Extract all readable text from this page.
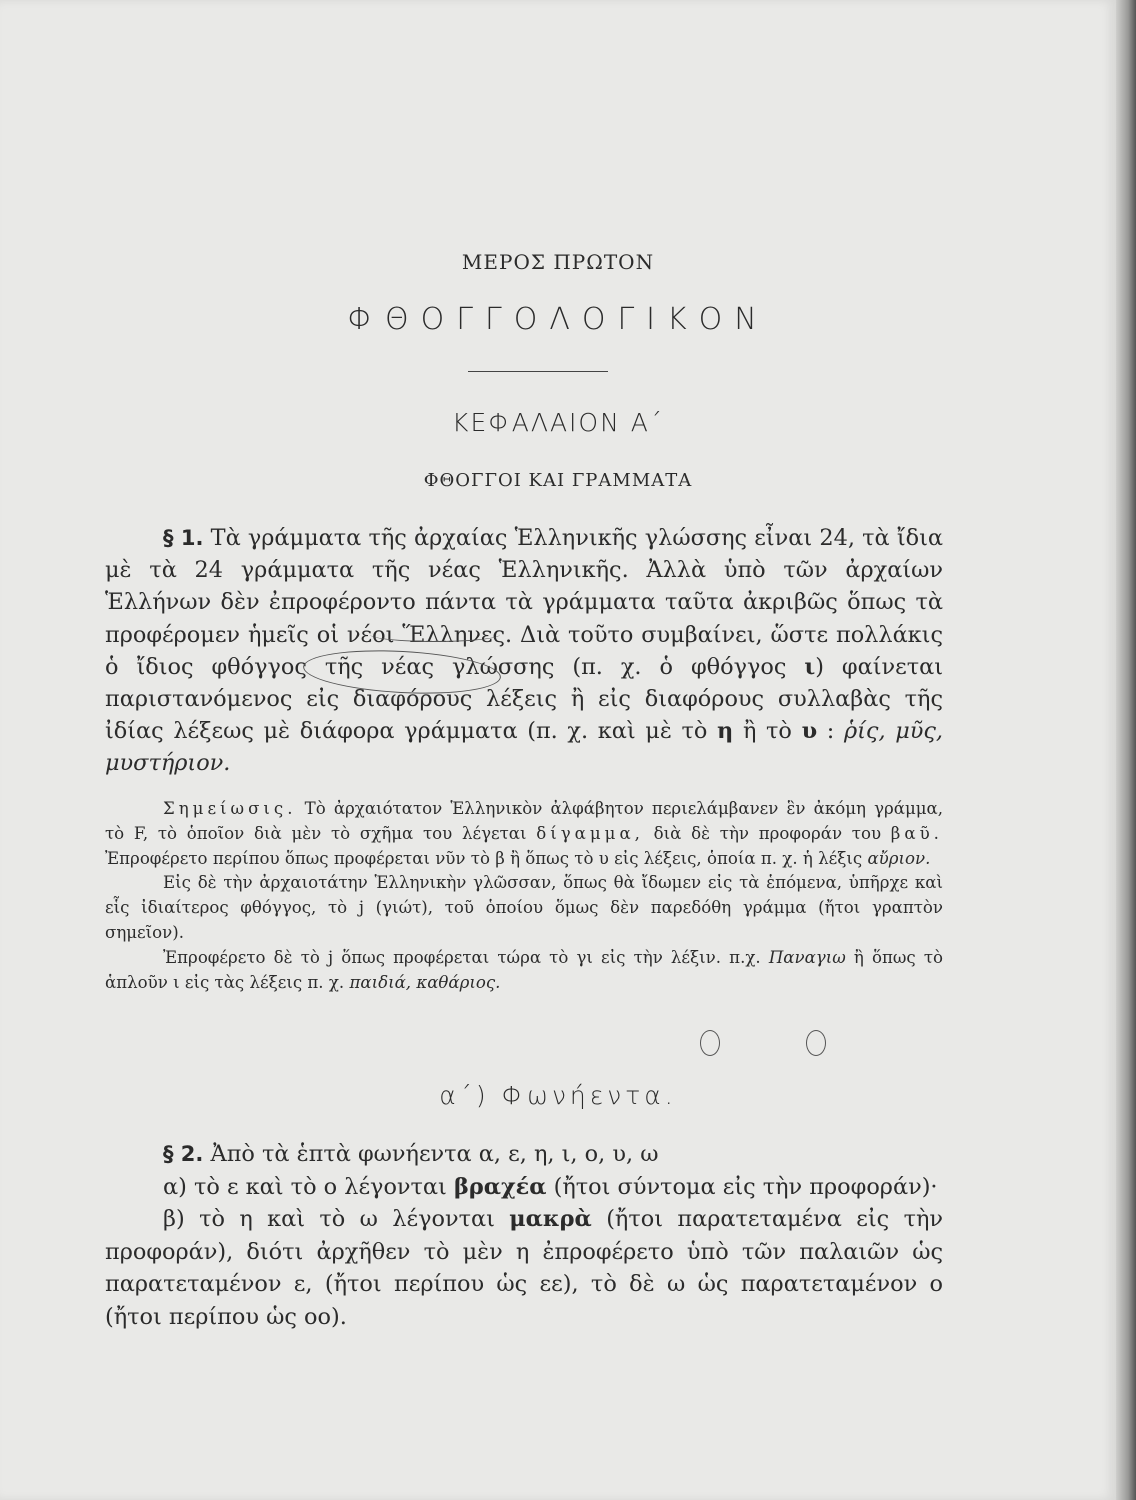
ΜΕΡΟΣ ΠΡΩΤΟΝ
ΦΘΟΓΓΟΛΟΓΙΚΟΝ
ΚΕΦΑΛΑΙΟΝ Α΄
ΦΘΟΓΓΟΙ ΚΑΙ ΓΡΑΜΜΑΤΑ
§ 1. Τὰ γράμματα τῆς ἀρχαίας Ἑλληνικῆς γλώσσης εἶναι 24, τὰ ἴδια μὲ τὰ 24 γράμματα τῆς νέας Ἑλληνικῆς. Ἀλλὰ ὑπὸ τῶν ἀρχαίων Ἑλλήνων δὲν ἐπροφέροντο πάντα τὰ γράμματα ταῦτα ἀκριβῶς ὅπως τὰ προφέρομεν ἡμεῖς οἱ νέοι Ἕλληνες. Διὰ τοῦτο συμβαίνει, ὥστε πολλάκις ὁ ἴδιος φθόγγος τῆς νέας γλώσσης (π. χ. ὁ φθόγγος ι) φαίνεται παριστανόμενος εἰς διαφόρους λέξεις ἢ εἰς διαφόρους συλλαβὰς τῆς ἰδίας λέξεως μὲ διάφορα γράμματα (π. χ. καὶ μὲ τὸ η ἢ τὸ υ : ῥίς, μῦς, μυστήριον.

Σημείωσις. Τὸ ἀρχαιότατον Ἑλληνικὸν ἀλφάβητον περιελάμβανεν ἓν ἀκόμη γράμμα, τὸ F, τὸ ὁποῖον διὰ μὲν τὸ σχῆμα του λέγεται δίγαμμα, διὰ δὲ τὴν προφοράν του βαῦ. Ἐπροφέρετο περίπου ὅπως προφέρεται νῦν τὸ β ἢ ὅπως τὸ υ εἰς λέξεις, ὁποία π. χ. ἡ λέξις αὔριον.

Εἰς δὲ τὴν ἀρχαιοτάτην Ἑλληνικὴν γλῶσσαν, ὅπως θὰ ἴδωμεν εἰς τὰ ἑπόμενα, ὑπῆρχε καὶ εἷς ἰδιαίτερος φθόγγος, τὸ j (γιώτ), τοῦ ὁποίου ὅμως δὲν παρεδόθη γράμμα (ἤτοι γραπτὸν σημεῖον).

Ἐπροφέρετο δὲ τὸ j ὅπως προφέρεται τώρα τὸ γι εἰς τὴν λέξιν. π.χ. Παναγιω ἢ ὅπως τὸ ἁπλοῦν ι εἰς τὰς λέξεις π. χ. παιδιά, καθάριος.

α΄) Φωνήεντα.

§ 2. Ἀπὸ τὰ ἑπτὰ φωνήεντα α, ε, η, ι, ο, υ, ω

α) τὸ ε καὶ τὸ ο λέγονται βραχέα (ἤτοι σύντομα εἰς τὴν προφοράν)·

β) τὸ η καὶ τὸ ω λέγονται μακρὰ (ἤτοι παρατεταμένα εἰς τὴν προφοράν), διότι ἀρχῆθεν τὸ μὲν η ἐπροφέρετο ὑπὸ τῶν παλαιῶν ὡς παρατεταμένον ε, (ἤτοι περίπου ὡς εε), τὸ δὲ ω ὡς παρατεταμένον ο (ἤτοι περίπου ὡς οο).
